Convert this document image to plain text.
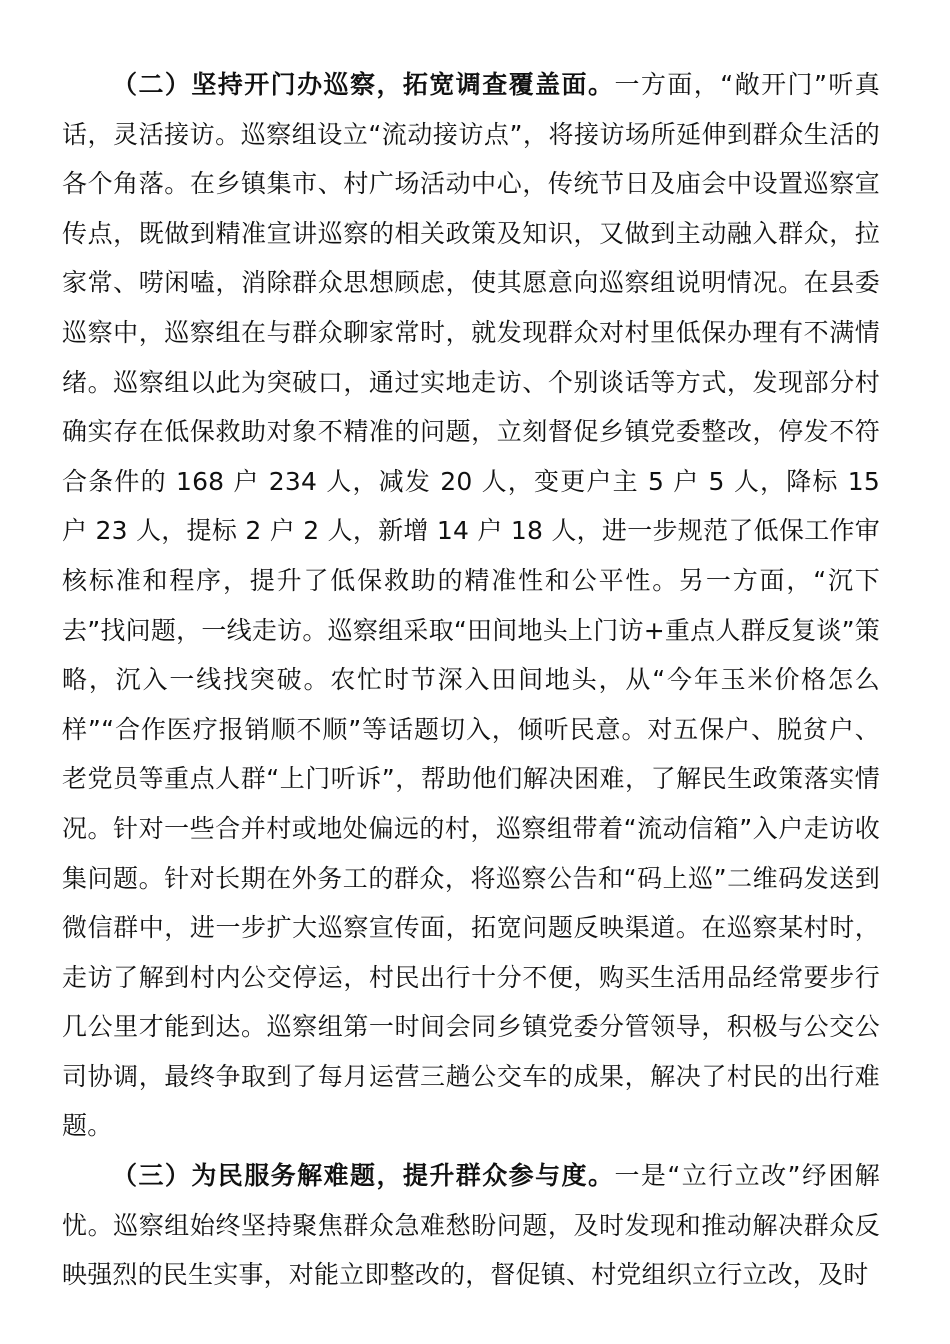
（二）坚持开门办巡察，拓宽调查覆盖面。一方面，“敞开门”听真话，灵活接访。巡察组设立“流动接访点”，将接访场所延伸到群众生活的各个角落。在乡镇集市、村广场活动中心，传统节日及庙会中设置巡察宣传点，既做到精准宣讲巡察的相关政策及知识，又做到主动融入群众，拉家常、唠闲嗑，消除群众思想顾虑，使其愿意向巡察组说明情况。在县委巡察中，巡察组在与群众聊家常时，就发现群众对村里低保办理有不满情绪。巡察组以此为突破口，通过实地走访、个别谈话等方式，发现部分村确实存在低保救助对象不精准的问题，立刻督促乡镇党委整改，停发不符合条件的 168 户 234 人，减发 20 人，变更户主 5 户 5 人，降标 15 户 23 人，提标 2 户 2 人，新增 14 户 18 人，进一步规范了低保工作审核标准和程序，提升了低保救助的精准性和公平性。另一方面，“沉下去”找问题，一线走访。巡察组采取“田间地头上门访+重点人群反复谈”策略，沉入一线找突破。农忙时节深入田间地头，从“今年玉米价格怎么样”“合作医疗报销顺不顺”等话题切入，倾听民意。对五保户、脱贫户、老党员等重点人群“上门听诉”，帮助他们解决困难，了解民生政策落实情况。针对一些合并村或地处偏远的村，巡察组带着“流动信箱”入户走访收集问题。针对长期在外务工的群众，将巡察公告和“码上巡”二维码发送到微信群中，进一步扩大巡察宣传面，拓宽问题反映渠道。在巡察某村时，走访了解到村内公交停运，村民出行十分不便，购买生活用品经常要步行几公里才能到达。巡察组第一时间会同乡镇党委分管领导，积极与公交公司协调，最终争取到了每月运营三趟公交车的成果，解决了村民的出行难题。

（三）为民服务解难题，提升群众参与度。一是“立行立改”纾困解忧。巡察组始终坚持聚焦群众急难愁盼问题，及时发现和推动解决群众反映强烈的民生实事，对能立即整改的，督促镇、村党组织立行立改，及时
